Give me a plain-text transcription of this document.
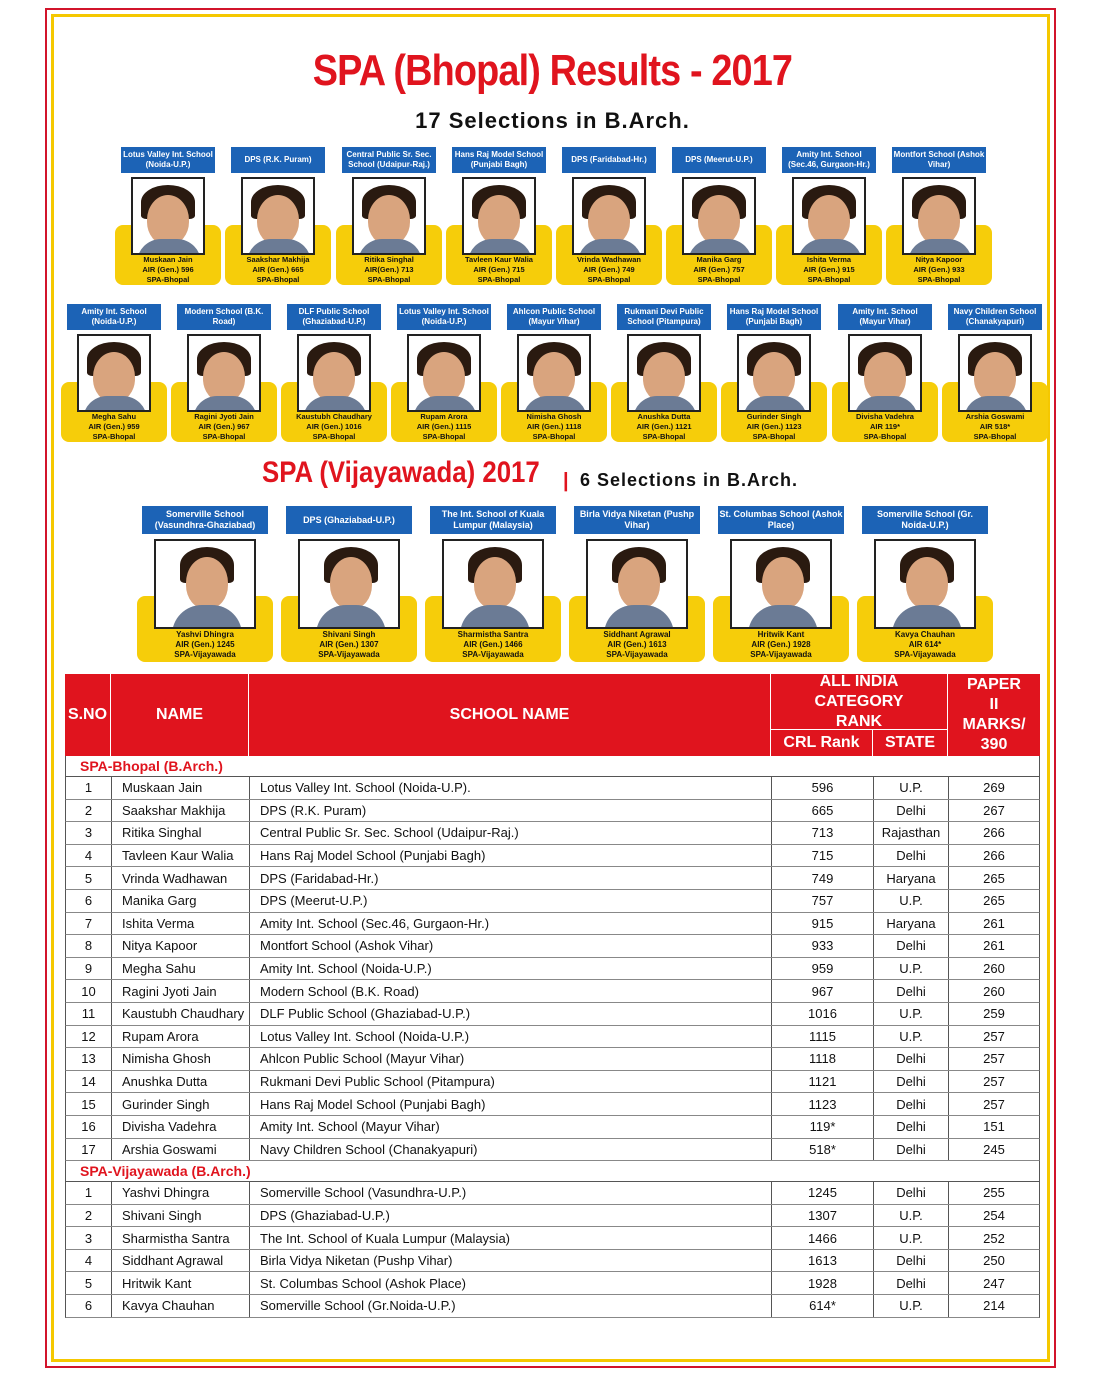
SPA (Bhopal) Results - 2017
17 Selections in B.Arch.
Lotus Valley Int. School (Noida-U.P.)
Muskaan Jain
AIR (Gen.) 596
SPA-Bhopal
DPS (R.K. Puram)
Saakshar Makhija
AIR (Gen.) 665
SPA-Bhopal
Central Public Sr. Sec. School (Udaipur-Raj.)
Ritika Singhal
AIR(Gen.) 713
SPA-Bhopal
Hans Raj Model School (Punjabi Bagh)
Tavleen Kaur Walia
AIR (Gen.) 715
SPA-Bhopal
DPS (Faridabad-Hr.)
Vrinda Wadhawan
AIR (Gen.) 749
SPA-Bhopal
DPS (Meerut-U.P.)
Manika Garg
AIR (Gen.) 757
SPA-Bhopal
Amity Int. School (Sec.46, Gurgaon-Hr.)
Ishita Verma
AIR (Gen.) 915
SPA-Bhopal
Montfort School (Ashok Vihar)
Nitya Kapoor
AIR (Gen.) 933
SPA-Bhopal
Amity Int. School (Noida-U.P.)
Megha Sahu
AIR (Gen.) 959
SPA-Bhopal
Modern School (B.K. Road)
Ragini Jyoti Jain
AIR (Gen.) 967
SPA-Bhopal
DLF Public School (Ghaziabad-U.P.)
Kaustubh Chaudhary
AIR (Gen.) 1016
SPA-Bhopal
Lotus Valley Int. School (Noida-U.P.)
Rupam Arora
AIR (Gen.) 1115
SPA-Bhopal
Ahlcon Public School (Mayur Vihar)
Nimisha Ghosh
AIR (Gen.) 1118
SPA-Bhopal
Rukmani Devi Public School (Pitampura)
Anushka Dutta
AIR (Gen.) 1121
SPA-Bhopal
Hans Raj Model School (Punjabi Bagh)
Gurinder Singh
AIR (Gen.) 1123
SPA-Bhopal
Amity Int. School (Mayur Vihar)
Divisha Vadehra
AIR 119*
SPA-Bhopal
Navy Children School (Chanakyapuri)
Arshia Goswami
AIR 518*
SPA-Bhopal
SPA (Vijayawada) 2017 | 6 Selections in B.Arch.
Somerville School (Vasundhra-Ghaziabad)
Yashvi Dhingra
AIR (Gen.) 1245
SPA-Vijayawada
DPS (Ghaziabad-U.P.)
Shivani Singh
AIR (Gen.) 1307
SPA-Vijayawada
The Int. School of Kuala Lumpur (Malaysia)
Sharmistha Santra
AIR (Gen.) 1466
SPA-Vijayawada
Birla Vidya Niketan (Pushp Vihar)
Siddhant Agrawal
AIR (Gen.) 1613
SPA-Vijayawada
St. Columbas School (Ashok Place)
Hritwik Kant
AIR (Gen.) 1928
SPA-Vijayawada
Somerville School (Gr. Noida-U.P.)
Kavya Chauhan
AIR 614*
SPA-Vijayawada
S.NO	NAME	SCHOOL NAME
ALL INDIA CATEGORY RANK
CRL Rank	STATE
PAPER II MARKS/ 390
SPA-Bhopal (B.Arch.)
1	Muskaan Jain	Lotus Valley Int. School (Noida-U.P).	596	U.P.	269
2	Saakshar Makhija	DPS (R.K. Puram)	665	Delhi	267
3	Ritika Singhal	Central Public Sr. Sec. School (Udaipur-Raj.)	713	Rajasthan	266
4	Tavleen Kaur Walia	Hans Raj Model School (Punjabi Bagh)	715	Delhi	266
5	Vrinda Wadhawan	DPS (Faridabad-Hr.)	749	Haryana	265
6	Manika Garg	DPS (Meerut-U.P.)	757	U.P.	265
7	Ishita Verma	Amity Int. School (Sec.46, Gurgaon-Hr.)	915	Haryana	261
8	Nitya Kapoor	Montfort School (Ashok Vihar)	933	Delhi	261
9	Megha Sahu	Amity Int. School (Noida-U.P.)	959	U.P.	260
10	Ragini Jyoti Jain	Modern School (B.K. Road)	967	Delhi	260
11	Kaustubh Chaudhary	DLF Public School (Ghaziabad-U.P.)	1016	U.P.	259
12	Rupam Arora	Lotus Valley Int. School (Noida-U.P.)	1115	U.P.	257
13	Nimisha Ghosh	Ahlcon Public School (Mayur Vihar)	1118	Delhi	257
14	Anushka Dutta	Rukmani Devi Public School (Pitampura)	1121	Delhi	257
15	Gurinder Singh	Hans Raj Model School (Punjabi Bagh)	1123	Delhi	257
16	Divisha Vadehra	Amity Int. School (Mayur Vihar)	119*	Delhi	151
17	Arshia Goswami	Navy Children School (Chanakyapuri)	518*	Delhi	245
SPA-Vijayawada (B.Arch.)
1	Yashvi Dhingra	Somerville School (Vasundhra-U.P.)	1245	Delhi	255
2	Shivani Singh	DPS (Ghaziabad-U.P.)	1307	U.P.	254
3	Sharmistha Santra	The Int. School of Kuala Lumpur (Malaysia)	1466	U.P.	252
4	Siddhant Agrawal	Birla Vidya Niketan (Pushp Vihar)	1613	Delhi	250
5	Hritwik Kant	St. Columbas School (Ashok Place)	1928	Delhi	247
6	Kavya Chauhan	Somerville School (Gr.Noida-U.P.)	614*	U.P.	214
